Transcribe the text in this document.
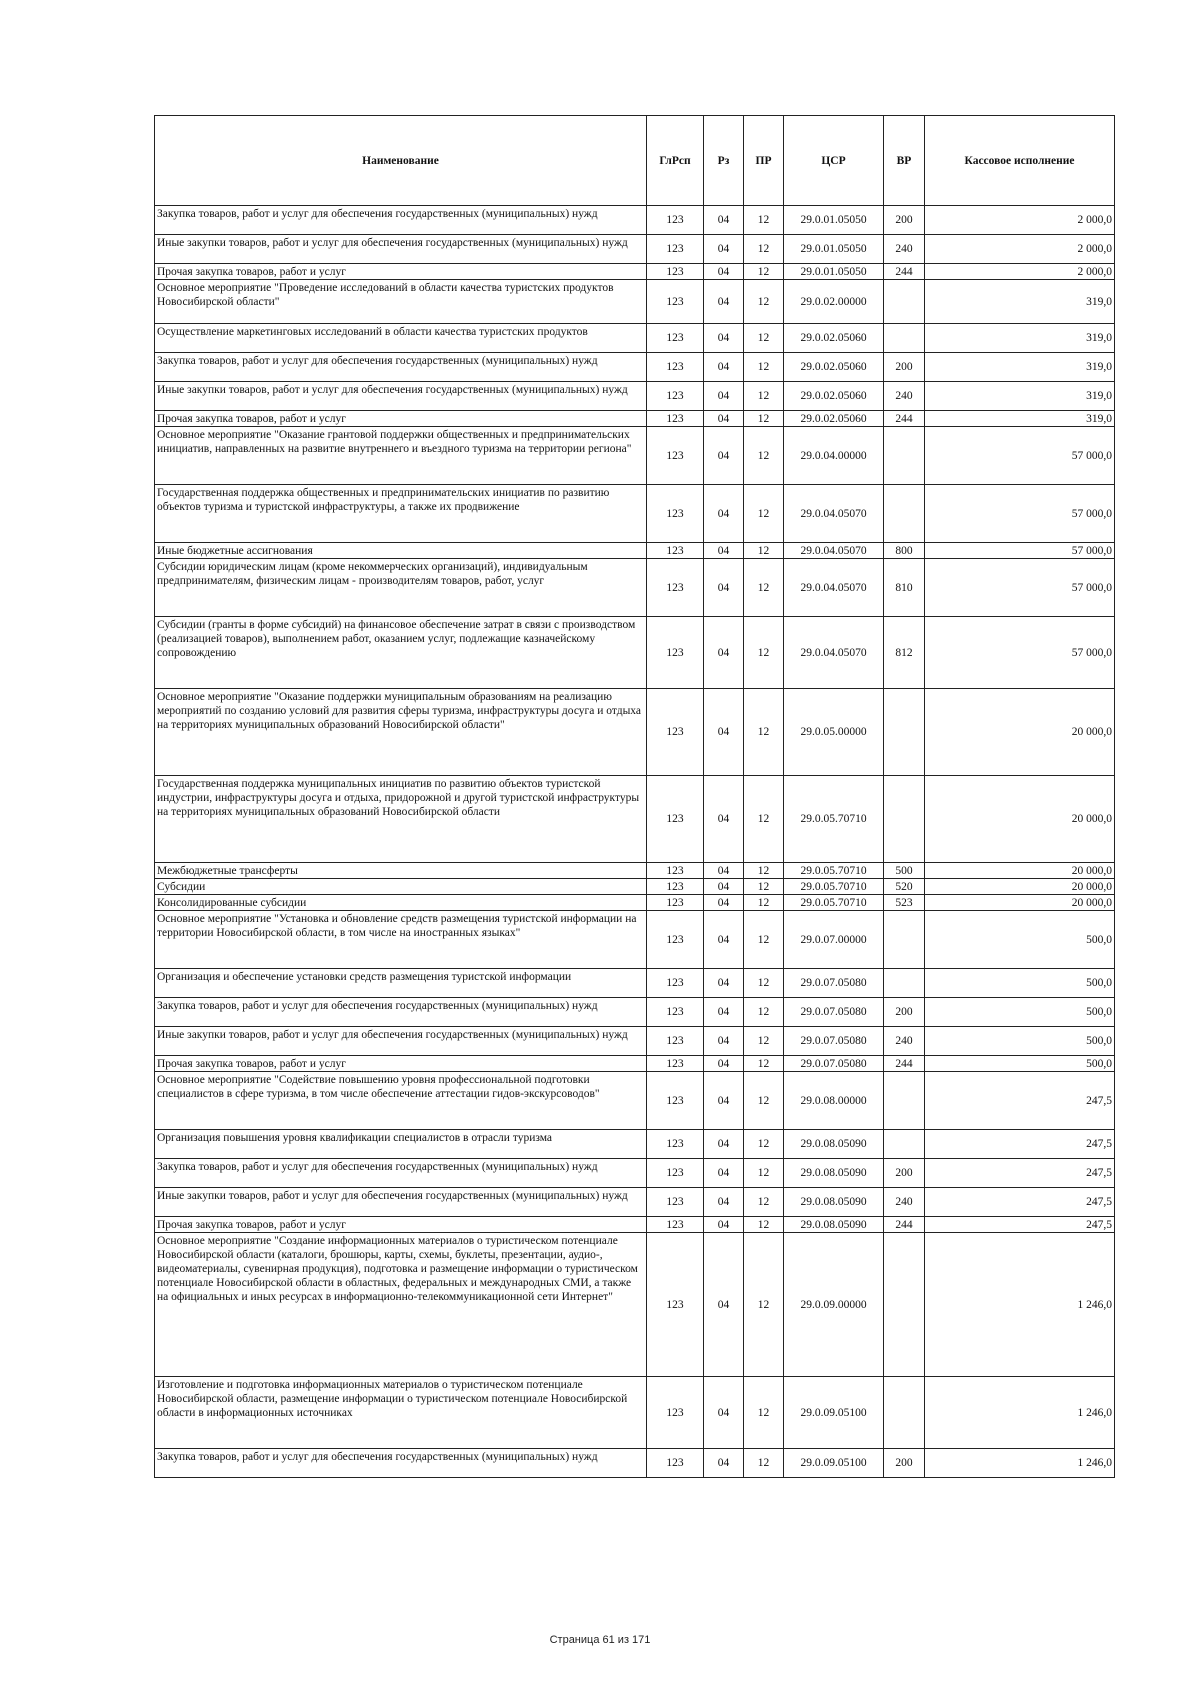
Наименование	ГлРсп	Рз	ПР	ЦСР	ВР	Кассовое исполнение
Закупка товаров, работ и услуг для обеспечения государственных (муниципальных) нужд	123	04	12	29.0.01.05050	200	2 000,0
Иные закупки товаров, работ и услуг для обеспечения государственных (муниципальных) нужд	123	04	12	29.0.01.05050	240	2 000,0
Прочая закупка товаров, работ и услуг	123	04	12	29.0.01.05050	244	2 000,0
Основное мероприятие "Проведение исследований в области качества туристских продуктов Новосибирской области"	123	04	12	29.0.02.00000		319,0
Осуществление маркетинговых исследований в области качества туристских продуктов	123	04	12	29.0.02.05060		319,0
Закупка товаров, работ и услуг для обеспечения государственных (муниципальных) нужд	123	04	12	29.0.02.05060	200	319,0
Иные закупки товаров, работ и услуг для обеспечения государственных (муниципальных) нужд	123	04	12	29.0.02.05060	240	319,0
Прочая закупка товаров, работ и услуг	123	04	12	29.0.02.05060	244	319,0
Основное мероприятие "Оказание грантовой поддержки общественных и предпринимательских инициатив, направленных на развитие внутреннего и въездного туризма на территории региона"	123	04	12	29.0.04.00000		57 000,0
Государственная поддержка общественных и предпринимательских инициатив по развитию объектов туризма и туристской инфраструктуры, а также их продвижение	123	04	12	29.0.04.05070		57 000,0
Иные бюджетные ассигнования	123	04	12	29.0.04.05070	800	57 000,0
Субсидии юридическим лицам (кроме некоммерческих организаций), индивидуальным предпринимателям, физическим лицам - производителям товаров, работ, услуг	123	04	12	29.0.04.05070	810	57 000,0
Субсидии (гранты в форме субсидий) на финансовое обеспечение затрат в связи с производством (реализацией товаров), выполнением работ, оказанием услуг, подлежащие казначейскому сопровождению	123	04	12	29.0.04.05070	812	57 000,0
Основное мероприятие "Оказание поддержки муниципальным образованиям на реализацию мероприятий по созданию условий для развития сферы туризма, инфраструктуры досуга и отдыха на территориях муниципальных образований Новосибирской области"	123	04	12	29.0.05.00000		20 000,0
Государственная поддержка муниципальных инициатив по развитию объектов туристской индустрии, инфраструктуры досуга и отдыха, придорожной и другой туристской инфраструктуры на территориях муниципальных образований Новосибирской области	123	04	12	29.0.05.70710		20 000,0
Межбюджетные трансферты	123	04	12	29.0.05.70710	500	20 000,0
Субсидии	123	04	12	29.0.05.70710	520	20 000,0
Консолидированные субсидии	123	04	12	29.0.05.70710	523	20 000,0
Основное мероприятие "Установка и обновление средств размещения туристской информации на территории Новосибирской области, в том числе на иностранных языках"	123	04	12	29.0.07.00000		500,0
Организация и обеспечение установки средств размещения туристской информации	123	04	12	29.0.07.05080		500,0
Закупка товаров, работ и услуг для обеспечения государственных (муниципальных) нужд	123	04	12	29.0.07.05080	200	500,0
Иные закупки товаров, работ и услуг для обеспечения государственных (муниципальных) нужд	123	04	12	29.0.07.05080	240	500,0
Прочая закупка товаров, работ и услуг	123	04	12	29.0.07.05080	244	500,0
Основное мероприятие "Содействие повышению уровня профессиональной подготовки специалистов в сфере туризма, в том числе обеспечение аттестации гидов-экскурсоводов"	123	04	12	29.0.08.00000		247,5
Организация повышения уровня квалификации специалистов в отрасли туризма	123	04	12	29.0.08.05090		247,5
Закупка товаров, работ и услуг для обеспечения государственных (муниципальных) нужд	123	04	12	29.0.08.05090	200	247,5
Иные закупки товаров, работ и услуг для обеспечения государственных (муниципальных) нужд	123	04	12	29.0.08.05090	240	247,5
Прочая закупка товаров, работ и услуг	123	04	12	29.0.08.05090	244	247,5
Основное мероприятие "Создание информационных материалов о туристическом потенциале Новосибирской области (каталоги, брошюры, карты, схемы, буклеты, презентации, аудио-, видеоматериалы, сувенирная продукция), подготовка и размещение информации о туристическом потенциале Новосибирской области в областных, федеральных и международных СМИ, а также на официальных и иных ресурсах в информационно-телекоммуникационной сети Интернет"	123	04	12	29.0.09.00000		1 246,0
Изготовление и подготовка информационных материалов о туристическом потенциале Новосибирской области, размещение информации о туристическом потенциале Новосибирской области в информационных источниках	123	04	12	29.0.09.05100		1 246,0
Закупка товаров, работ и услуг для обеспечения государственных (муниципальных) нужд	123	04	12	29.0.09.05100	200	1 246,0
Страница 61 из 171
